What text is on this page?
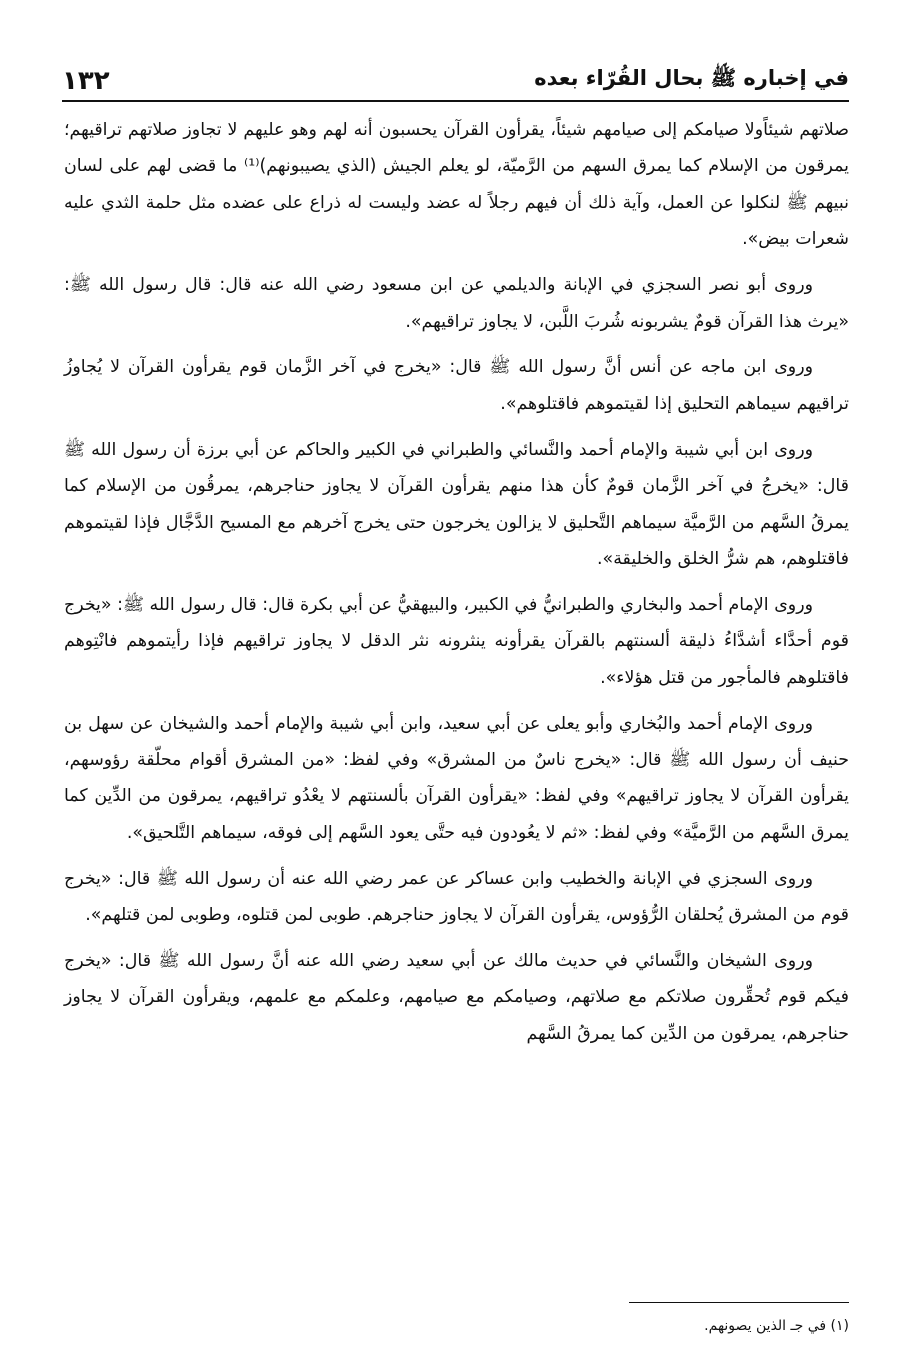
في إخباره ﷺ بحال القُرّاء بعده
١٣٢

صلاتهم شيئاًولا صيامكم إلى صيامهم شيئاً، يقرأون القرآن يحسبون أنه لهم وهو عليهم لا تجاوز صلاتهم تراقيهم؛ يمرقون من الإسلام كما يمرق السهم من الرَّميّة، لو يعلم الجيش (الذي يصيبونهم)⁽¹⁾ ما قضى لهم على لسان نبيهم ﷺ لنكلوا عن العمل، وآية ذلك أن فيهم رجلاً له عضد وليست له ذراع على عضده مثل حلمة الثدي عليه شعرات بيض».

وروى أبو نصر السجزي في الإبانة والديلمي عن ابن مسعود رضي الله عنه قال: قال رسول الله ﷺ: «يرث هذا القرآن قومٌ يشربونه شُربَ اللَّبن، لا يجاوز تراقيهم».

وروى ابن ماجه عن أنس أنَّ رسول الله ﷺ قال: «يخرج في آخر الزَّمان قوم يقرأون القرآن لا يُجاوزُ تراقيهم سيماهم التحليق إذا لقيتموهم فاقتلوهم».

وروى ابن أبي شيبة والإمام أحمد والنَّسائي والطبراني في الكبير والحاكم عن أبي برزة أن رسول الله ﷺ قال: «يخرجُ في آخر الزَّمان قومٌ كأن هذا منهم يقرأون القرآن لا يجاوز حناجرهم، يمرقُون من الإسلام كما يمرقُ السَّهم من الرَّميَّة سيماهم التَّحليق لا يزالون يخرجون حتى يخرج آخرهم مع المسيح الدَّجَّال فإذا لقيتموهم فاقتلوهم، هم شرُّ الخلق والخليقة».

وروى الإمام أحمد والبخاري والطبرانيُّ في الكبير، والبيهقيُّ عن أبي بكرة قال: قال رسول الله ﷺ: «يخرج قوم أحدَّاء أشدَّاءُ ذليقة ألسنتهم بالقرآن يقرأونه ينثرونه نثر الدقل لا يجاوز تراقيهم فإذا رأيتموهم فانْتِوهم فاقتلوهم فالمأجور من قتل هؤلاء».

وروى الإمام أحمد والبُخاري وأبو يعلى عن أبي سعيد، وابن أبي شيبة والإمام أحمد والشيخان عن سهل بن حنيف أن رسول الله ﷺ قال: «يخرج ناسٌ من المشرق» وفي لفظ: «من المشرق أقوام محلّقة رؤوسهم، يقرأون القرآن لا يجاوز تراقيهم» وفي لفظ: «يقرأون القرآن بألسنتهم لا يعْدُو تراقيهم، يمرقون من الدِّين كما يمرق السَّهم من الرَّميَّة» وفي لفظ: «ثم لا يعُودون فيه حتَّى يعود السَّهم إلى فوقه، سيماهم التَّلحيق».

وروى السجزي في الإبانة والخطيب وابن عساكر عن عمر رضي الله عنه أن رسول الله ﷺ قال: «يخرج قوم من المشرق يُحلقان الرُّؤوس، يقرأون القرآن لا يجاوز حناجرهم. طوبى لمن قتلوه، وطوبى لمن قتلهم».

وروى الشيخان والنَّسائي في حديث مالك عن أبي سعيد رضي الله عنه أنَّ رسول الله ﷺ قال: «يخرج فيكم قوم تُحقِّرون صلاتكم مع صلاتهم، وصيامكم مع صيامهم، وعلمكم مع علمهم، ويقرأون القرآن لا يجاوز حناجرهم، يمرقون من الدِّين كما يمرقُ السَّهم

(١) في جـ الذين يصونهم.
